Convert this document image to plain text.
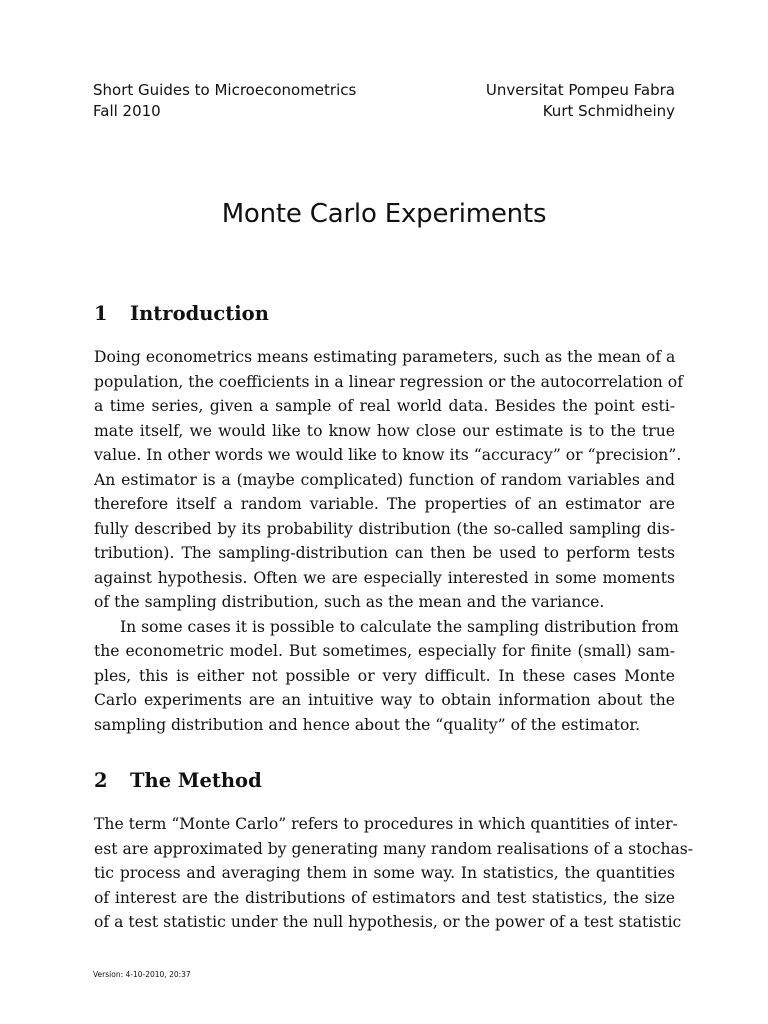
Short Guides to Microeconometrics
Fall 2010
Unversitat Pompeu Fabra
Kurt Schmidheiny
Monte Carlo Experiments
1 Introduction
Doing econometrics means estimating parameters, such as the mean of a
population, the coefficients in a linear regression or the autocorrelation of
a time series, given a sample of real world data. Besides the point esti-
mate itself, we would like to know how close our estimate is to the true
value. In other words we would like to know its “accuracy” or “precision”.
An estimator is a (maybe complicated) function of random variables and
therefore itself a random variable. The properties of an estimator are
fully described by its probability distribution (the so-called sampling dis-
tribution). The sampling-distribution can then be used to perform tests
against hypothesis. Often we are especially interested in some moments
of the sampling distribution, such as the mean and the variance.
In some cases it is possible to calculate the sampling distribution from
the econometric model. But sometimes, especially for finite (small) sam-
ples, this is either not possible or very difficult. In these cases Monte
Carlo experiments are an intuitive way to obtain information about the
sampling distribution and hence about the “quality” of the estimator.
2 The Method
The term “Monte Carlo” refers to procedures in which quantities of inter-
est are approximated by generating many random realisations of a stochas-
tic process and averaging them in some way. In statistics, the quantities
of interest are the distributions of estimators and test statistics, the size
of a test statistic under the null hypothesis, or the power of a test statistic
Version: 4-10-2010, 20:37
